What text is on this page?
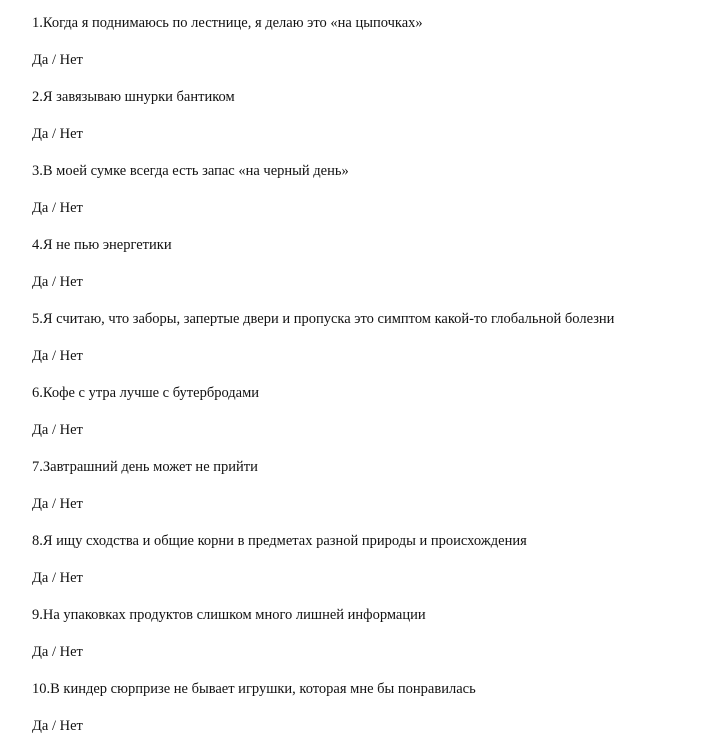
1.Когда я поднимаюсь по лестнице, я делаю это «на цыпочках»
Да / Нет
2.Я завязываю шнурки бантиком
Да / Нет
3.В моей сумке всегда есть запас «на черный день»
Да / Нет
4.Я не пью энергетики
Да / Нет
5.Я считаю, что заборы, запертые двери и пропуска это симптом какой-то глобальной болезни
Да / Нет
6.Кофе с утра лучше с бутербродами
Да / Нет
7.Завтрашний день может не прийти
Да / Нет
8.Я ищу сходства и общие корни в предметах разной природы и происхождения
Да / Нет
9.На упаковках продуктов слишком много лишней информации
Да / Нет
10.В киндер сюрпризе не бывает игрушки, которая мне бы понравилась
Да / Нет
